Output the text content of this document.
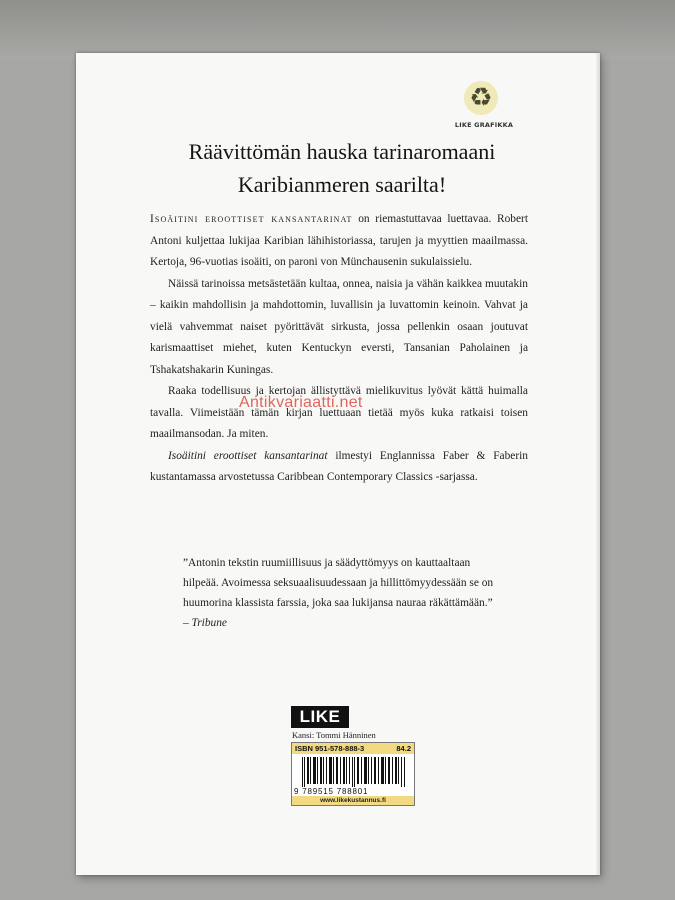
♻
LIKE GRAFIKKA
Räävittömän hauska tarinaromaani
Karibianmeren saarilta!

Isoäitini eroottiset kansantarinat on riemastuttavaa luettavaa. Robert Antoni kuljettaa lukijaa Karibian lähihistoriassa, tarujen ja myyttien maailmassa. Kertoja, 96-vuotias isoäiti, on paroni von Münchausenin sukulaissielu.

Näissä tarinoissa metsästetään kultaa, onnea, naisia ja vähän kaikkea muutakin – kaikin mahdollisin ja mahdottomin, luvallisin ja luvattomin keinoin. Vahvat ja vielä vahvemmat naiset pyörittävät sirkusta, jossa pellenkin osaan joutuvat karismaattiset miehet, kuten Kentuckyn eversti, Tansanian Paholainen ja Tshakatshakarin Kuningas.

Raaka todellisuus ja kertojan ällistyttävä mielikuvitus lyövät kättä huimalla tavalla. Viimeistään tämän kirjan luettuaan tietää myös kuka ratkaisi toisen maailmansodan. Ja miten.

Isoäitini eroottiset kansantarinat ilmestyi Englannissa Faber & Faberin kustantamassa arvostetussa Caribbean Contemporary Classics -sarjassa.

”Antonin tekstin ruumiillisuus ja säädyttömyys on kauttaaltaan hilpeää. Avoimessa seksuaalisuudessaan ja hillittömyydessään se on huumorina klassista farssia, joka saa lukijansa nauraa räkättämään.”
– Tribune
LIKE
Kansi: Tommi Hänninen
ISBN 951-578-888-3	84.2
9 789515 788801
www.likekustannus.fi
Antikvariaatti.net
